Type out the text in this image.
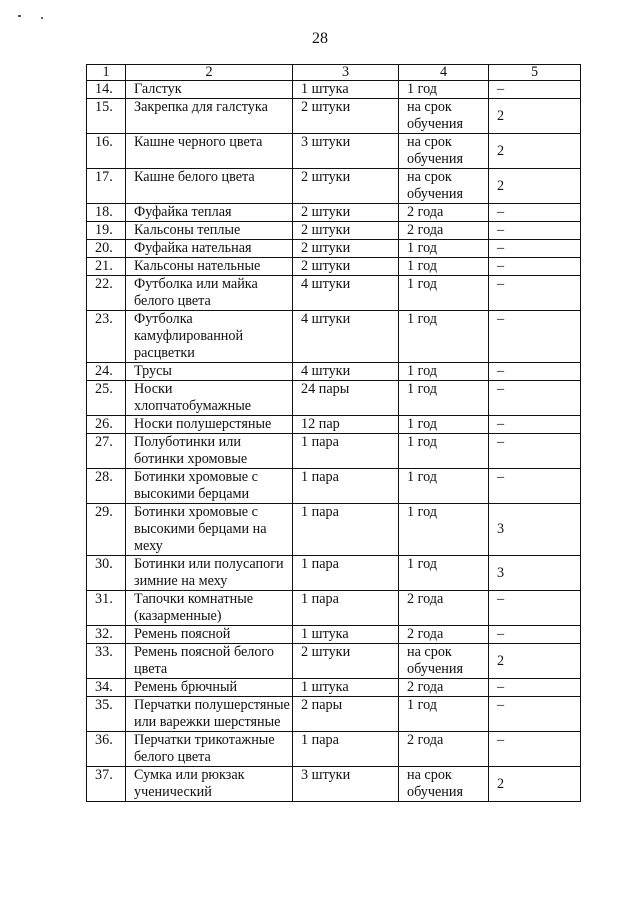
28
1	2	3	4	5
14.	Галстук	1 штука	1 год	–
15.	Закрепка для галстука	2 штуки	на срок обучения	2
16.	Кашне черного цвета	3 штуки	на срок обучения	2
17.	Кашне белого цвета	2 штуки	на срок обучения	2
18.	Фуфайка теплая	2 штуки	2 года	–
19.	Кальсоны теплые	2 штуки	2 года	–
20.	Фуфайка нательная	2 штуки	1 год	–
21.	Кальсоны нательные	2 штуки	1 год	–
22.	Футболка или майка белого цвета	4 штуки	1 год	–
23.	Футболка камуфлированной расцветки	4 штуки	1 год	–
24.	Трусы	4 штуки	1 год	–
25.	Носки хлопчатобумажные	24 пары	1 год	–
26.	Носки полушерстяные	12 пар	1 год	–
27.	Полуботинки или ботинки хромовые	1 пара	1 год	–
28.	Ботинки хромовые с высокими берцами	1 пара	1 год	–
29.	Ботинки хромовые с высокими берцами на меху	1 пара	1 год	3
30.	Ботинки или полусапоги зимние на меху	1 пара	1 год	3
31.	Тапочки комнатные (казарменные)	1 пара	2 года	–
32.	Ремень поясной	1 штука	2 года	–
33.	Ремень поясной белого цвета	2 штуки	на срок обучения	2
34.	Ремень брючный	1 штука	2 года	–
35.	Перчатки полушерстяные или варежки шерстяные	2 пары	1 год	–
36.	Перчатки трикотажные белого цвета	1 пара	2 года	–
37.	Сумка или рюкзак ученический	3 штуки	на срок обучения	2
